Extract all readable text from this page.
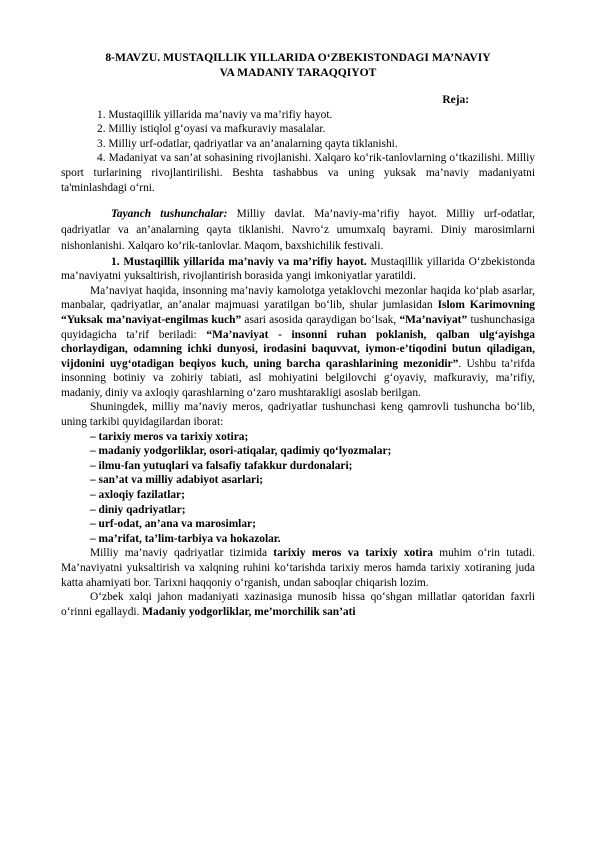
8-MAVZU. MUSTAQILLIK YILLARIDA O‘ZBEKISTONDAGI MA’NAVIY
VA MADANIY TARAQQIYOT

Reja:

1. Mustaqillik yillarida ma’naviy va ma’rifiy hayot.

2. Milliy istiqlol g‘oyasi va mafkuraviy masalalar.

3. Milliy urf-odatlar, qadriyatlar va an’analarning qayta tiklanishi.

4. Madaniyat va san’at sohasining rivojlanishi. Xalqaro ko‘rik-tanlovlarning o‘tkazilishi. Milliy sport turlarining rivojlantirilishi. Beshta tashabbus va uning yuksak ma’naviy madaniyatni ta'minlashdagi o‘rni.

Tayanch tushunchalar: Milliy davlat. Ma’naviy-ma’rifiy hayot. Milliy urf-odatlar, qadriyatlar va an’analarning qayta tiklanishi. Navro‘z umumxalq bayrami. Diniy marosimlarni nishonlanishi. Xalqaro ko‘rik-tanlovlar. Maqom, baxshichilik festivali.

1. Mustaqillik yillarida ma’naviy va ma’rifiy hayot. Mustaqillik yillarida O‘zbekistonda ma’naviyatni yuksaltirish, rivojlantirish borasida yangi imkoniyatlar yaratildi.

Ma’naviyat haqida, insonning ma’naviy kamolotga yetaklovchi mezonlar haqida ko‘plab asarlar, manbalar, qadriyatlar, an’analar majmuasi yaratilgan bo‘lib, shular jumlasidan Islom Karimovning “Yuksak ma’naviyat-engilmas kuch” asari asosida qaraydigan bo‘lsak, “Ma’naviyat” tushunchasiga quyidagicha ta’rif beriladi: “Ma’naviyat - insonni ruhan poklanish, qalban ulg‘ayishga chorlaydigan, odamning ichki dunyosi, irodasini baquvvat, iymon-e’tiqodini butun qiladigan, vijdonini uyg‘otadigan beqiyos kuch, uning barcha qarashlarining mezonidir”. Ushbu ta’rifda insonning botiniy va zohiriy tabiati, asl mohiyatini belgilovchi g‘oyaviy, mafkuraviy, ma’rifiy, madaniy, diniy va axloqiy qarashlarning o‘zaro mushtarakligi asoslab berilgan.

Shuningdek, milliy ma’naviy meros, qadriyatlar tushunchasi keng qamrovli tushuncha bo‘lib, uning tarkibi quyidagilardan iborat:

– tarixiy meros va tarixiy xotira;

– madaniy yodgorliklar, osori-atiqalar, qadimiy qo‘lyozmalar;

– ilmu-fan yutuqlari va falsafiy tafakkur durdonalari;

– san’at va milliy adabiyot asarlari;

– axloqiy fazilatlar;

– diniy qadriyatlar;

– urf-odat, an’ana va marosimlar;

– ma’rifat, ta’lim-tarbiya va hokazolar.

Milliy ma’naviy qadriyatlar tizimida tarixiy meros va tarixiy xotira muhim o‘rin tutadi. Ma’naviyatni yuksaltirish va xalqning ruhini ko‘tarishda tarixiy meros hamda tarixiy xotiraning juda katta ahamiyati bor. Tarixni haqqoniy o‘rganish, undan saboqlar chiqarish lozim.

O‘zbek xalqi jahon madaniyati xazinasiga munosib hissa qo‘shgan millatlar qatoridan faxrli o‘rinni egallaydi. Madaniy yodgorliklar, me’morchilik san’ati
